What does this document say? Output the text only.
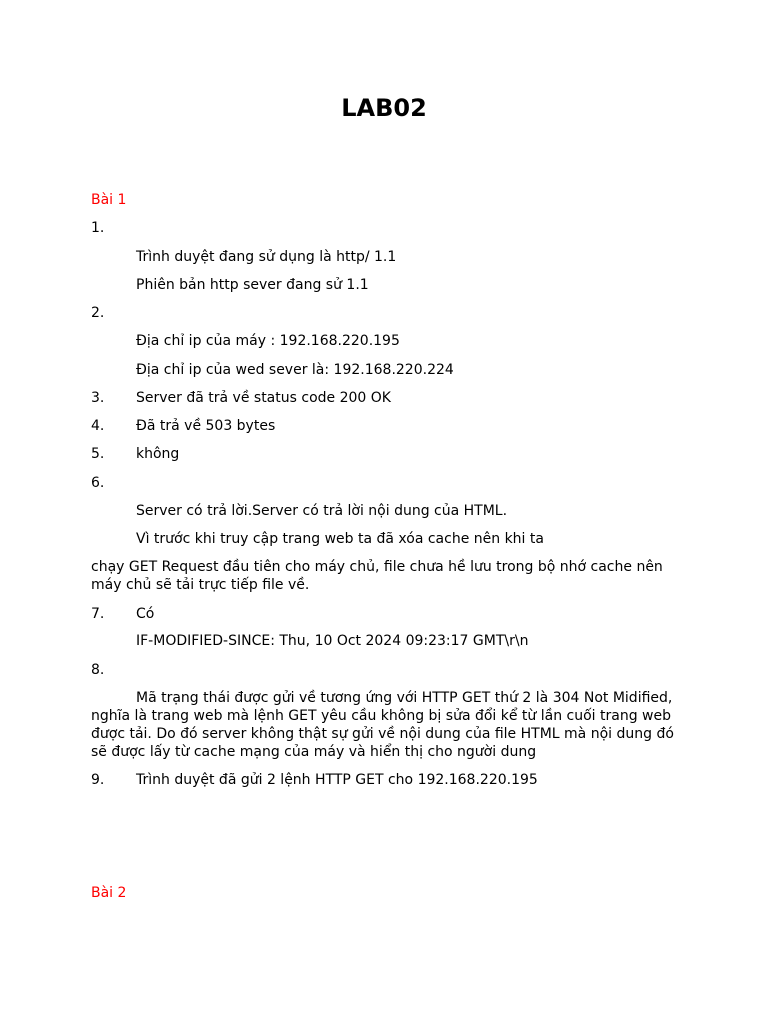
LAB02
Bài 1
1.
Trình duyệt đang sử dụng là http/ 1.1
Phiên bản http sever đang sử 1.1
2.
Địa chỉ ip của máy : 192.168.220.195
Địa chỉ ip của wed sever là: 192.168.220.224
3. Server đã trả về status code 200 OK
4. Đã trả về 503 bytes
5. không
6.
Server có trả lời.Server có trả lời nội dung của HTML.
Vì trước khi truy cập trang web ta đã xóa cache nên khi ta
chạy GET Request đầu tiên cho máy chủ, file chưa hề lưu trong bộ nhớ cache nên máy chủ sẽ tải trực tiếp file về.
7. Có
IF-MODIFIED-SINCE: Thu, 10 Oct 2024 09:23:17 GMT\r\n
8.
Mã trạng thái được gửi về tương ứng với HTTP GET thứ 2 là 304 Not Midified, nghĩa là trang web mà lệnh GET yêu cầu không bị sửa đổi kể từ lần cuối trang web được tải. Do đó server không thật sự gửi về nội dung của file HTML mà nội dung đó sẽ được lấy từ cache mạng của máy và hiển thị cho người dung
9. Trình duyệt đã gửi 2 lệnh HTTP GET cho 192.168.220.195
Bài 2
